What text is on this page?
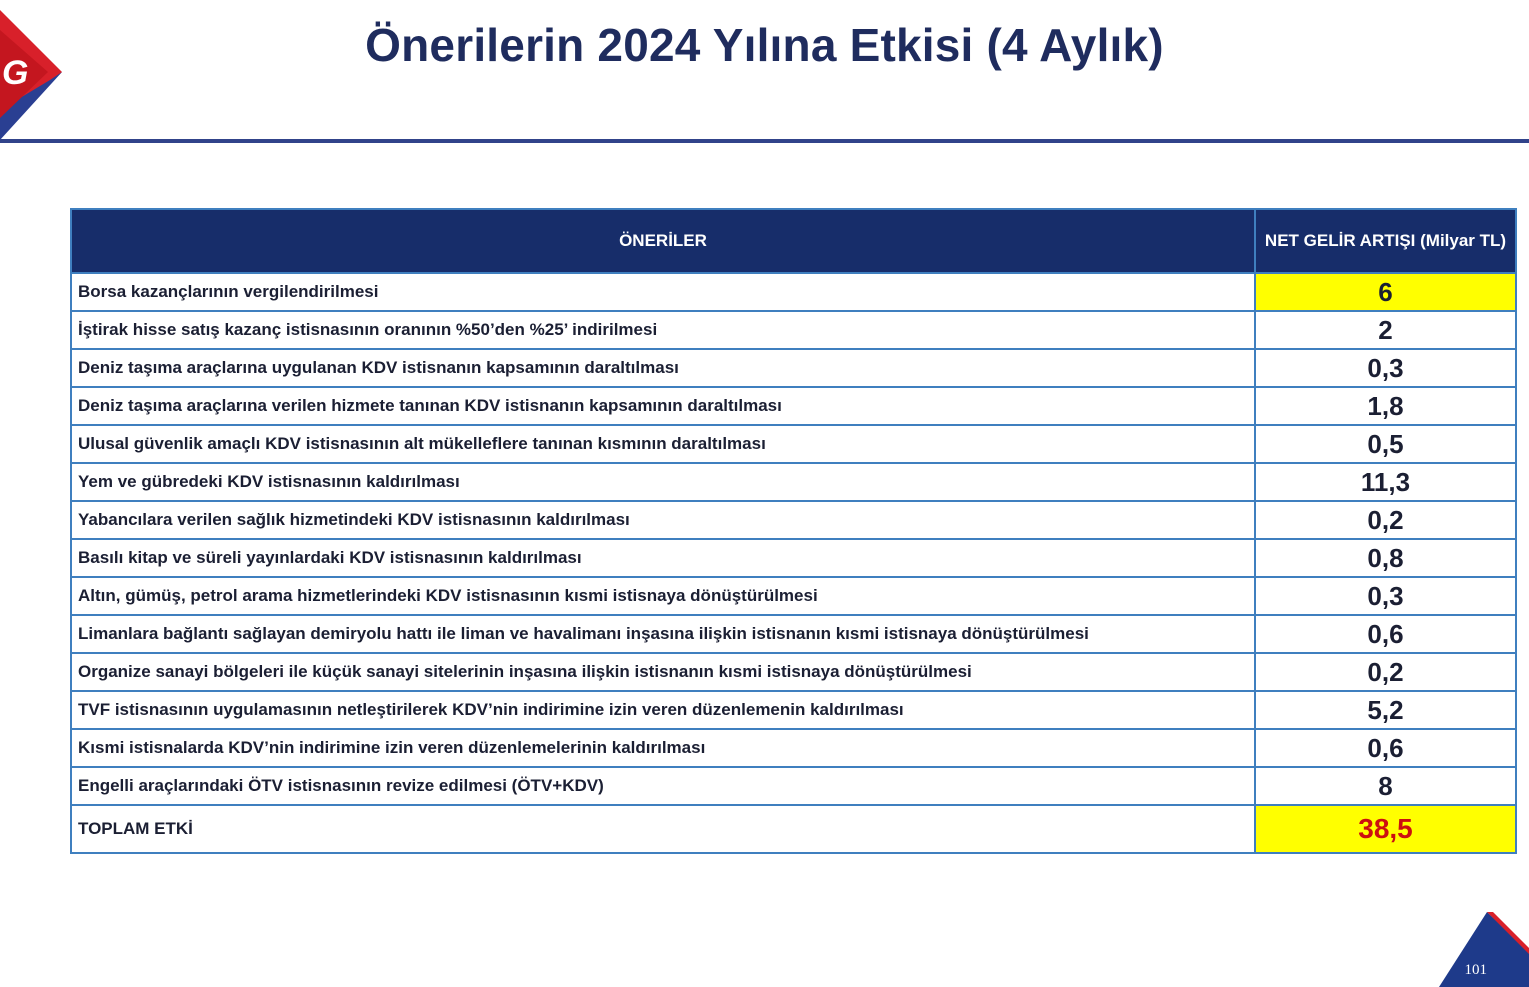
G
Önerilerin 2024 Yılına Etkisi (4 Aylık)
ÖNERİLER	NET GELİR ARTIŞI (Milyar TL)
Borsa kazançlarının vergilendirilmesi	6
İştirak hisse satış kazanç istisnasının oranının %50’den %25’ indirilmesi	2
Deniz taşıma araçlarına uygulanan KDV istisnanın kapsamının daraltılması	0,3
Deniz taşıma araçlarına verilen hizmete tanınan KDV istisnanın kapsamının daraltılması	1,8
Ulusal güvenlik amaçlı KDV istisnasının alt mükelleflere tanınan kısmının daraltılması	0,5
Yem ve gübredeki KDV istisnasının kaldırılması	11,3
Yabancılara verilen sağlık hizmetindeki KDV istisnasının kaldırılması	0,2
Basılı kitap ve süreli yayınlardaki KDV istisnasının kaldırılması	0,8
Altın, gümüş, petrol arama hizmetlerindeki KDV istisnasının kısmi istisnaya dönüştürülmesi	0,3
Limanlara bağlantı sağlayan demiryolu hattı ile liman ve havalimanı inşasına ilişkin istisnanın kısmi istisnaya dönüştürülmesi	0,6
Organize sanayi bölgeleri ile küçük sanayi sitelerinin inşasına ilişkin istisnanın kısmi istisnaya dönüştürülmesi	0,2
TVF istisnasının uygulamasının netleştirilerek KDV’nin indirimine izin veren düzenlemenin kaldırılması	5,2
Kısmi istisnalarda KDV’nin indirimine izin veren düzenlemelerinin kaldırılması	0,6
Engelli araçlarındaki ÖTV istisnasının revize edilmesi (ÖTV+KDV)	8
TOPLAM ETKİ	38,5
101
